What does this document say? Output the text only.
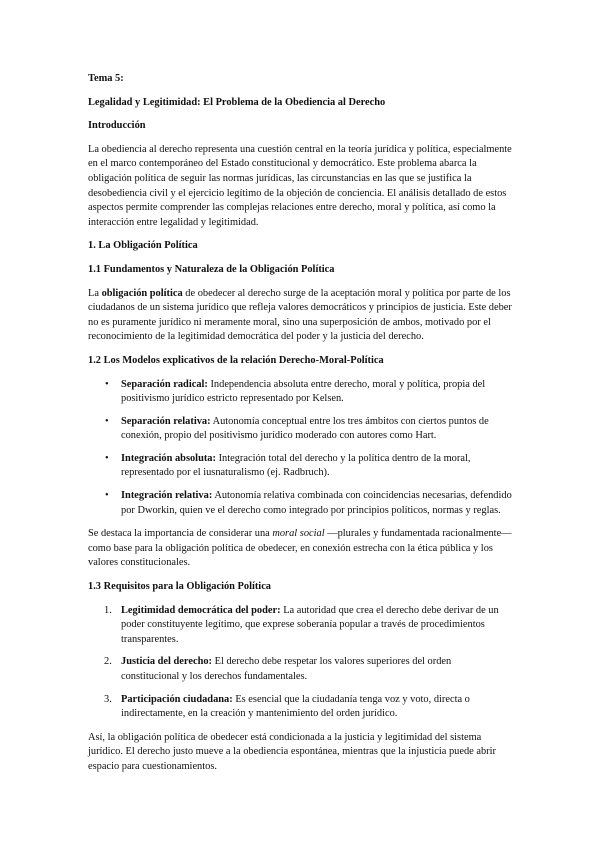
Tema 5:
Legalidad y Legitimidad: El Problema de la Obediencia al Derecho
Introducción

La obediencia al derecho representa una cuestión central en la teoría jurídica y política, especialmente en el marco contemporáneo del Estado constitucional y democrático. Este problema abarca la obligación política de seguir las normas jurídicas, las circunstancias en las que se justifica la desobediencia civil y el ejercicio legítimo de la objeción de conciencia. El análisis detallado de estos aspectos permite comprender las complejas relaciones entre derecho, moral y política, así como la interacción entre legalidad y legitimidad.

1. La Obligación Política
1.1 Fundamentos y Naturaleza de la Obligación Política

La obligación política de obedecer al derecho surge de la aceptación moral y política por parte de los ciudadanos de un sistema jurídico que refleja valores democráticos y principios de justicia. Este deber no es puramente jurídico ni meramente moral, sino una superposición de ambos, motivado por el reconocimiento de la legitimidad democrática del poder y la justicia del derecho.

1.2 Los Modelos explicativos de la relación Derecho-Moral-Política
• Separación radical: Independencia absoluta entre derecho, moral y política, propia del positivismo jurídico estricto representado por Kelsen.
• Separación relativa: Autonomía conceptual entre los tres ámbitos con ciertos puntos de conexión, propio del positivismo jurídico moderado con autores como Hart.
• Integración absoluta: Integración total del derecho y la política dentro de la moral, representado por el iusnaturalismo (ej. Radbruch).
• Integración relativa: Autonomía relativa combinada con coincidencias necesarias, defendido por Dworkin, quien ve el derecho como integrado por principios políticos, normas y reglas.

Se destaca la importancia de considerar una moral social —plurales y fundamentada racionalmente— como base para la obligación política de obedecer, en conexión estrecha con la ética pública y los valores constitucionales.

1.3 Requisitos para la Obligación Política
1. Legitimidad democrática del poder: La autoridad que crea el derecho debe derivar de un poder constituyente legítimo, que exprese soberanía popular a través de procedimientos transparentes.
2. Justicia del derecho: El derecho debe respetar los valores superiores del orden constitucional y los derechos fundamentales.
3. Participación ciudadana: Es esencial que la ciudadanía tenga voz y voto, directa o indirectamente, en la creación y mantenimiento del orden jurídico.

Así, la obligación política de obedecer está condicionada a la justicia y legitimidad del sistema jurídico. El derecho justo mueve a la obediencia espontánea, mientras que la injusticia puede abrir espacio para cuestionamientos.
